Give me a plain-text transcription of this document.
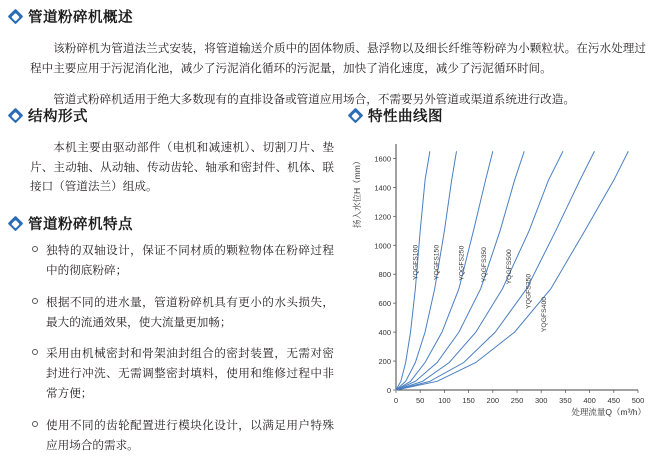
管道粉碎机概述

该粉碎机为管道法兰式安装，将管道输送介质中的固体物质、悬浮物以及细长纤维等粉碎为小颗粒状。在污水处理过程中主要应用于污泥消化池，减少了污泥消化循环的污泥量，加快了消化速度，减少了污泥循环时间。

管道式粉碎机适用于绝大多数现有的直排设备或管道应用场合，不需要另外管道或渠道系统进行改造。

结构形式

本机主要由驱动部件（电机和减速机）、切割刀片、垫片、主动轴、从动轴、传动齿轮、轴承和密封件、机体、联接口（管道法兰）组成。

管道粉碎机特点

独特的双轴设计，保证不同材质的颗粒物体在粉碎过程中的彻底粉碎；

根据不同的进水量，管道粉碎机具有更小的水头损失，最大的流通效果，使大流量更加畅；

采用由机械密封和骨架油封组合的密封装置，无需对密封进行冲洗、无需调整密封填料，使用和维修过程中非常方便；

使用不同的齿轮配置进行模块化设计，以满足用户特殊应用场合的需求。

特性曲线图
扬入水位H（mm）
处理流量Q（m³/h）
0
200
400
600
800
1000
1200
1400
1600
0 50 100 150 200 250 300 350 400 450 500
YQGFS100 YQGFS150	YQGFS250 YQGFS350	YQGFS500
YQGFS350
YQGFS400
